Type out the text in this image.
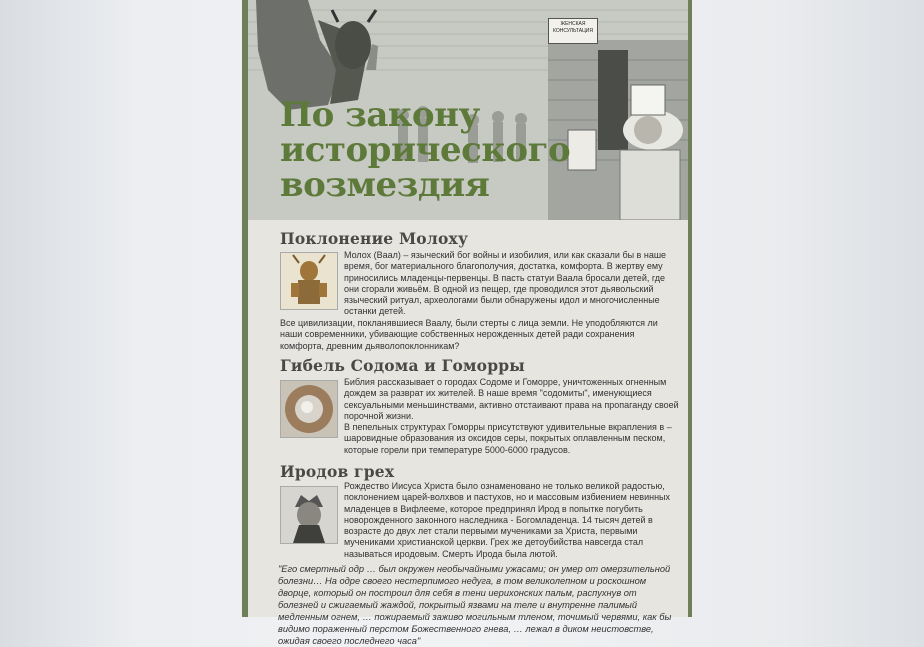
ЖЕНСКАЯ КОНСУЛЬТАЦИЯ
По закону исторического возмездия
Поклонение Молоху

Молох (Ваал) – языческий бог войны и изобилия, или как сказали бы в наше время, бог материального благополучия, достатка, комфорта. В жертву ему приносились младенцы-первенцы. В пасть статуи Ваала бросали детей, где они сгорали живьём. В одной из пещер, где проводился этот дьявольский языческий ритуал, археологами были обнаружены идол и многочисленные останки детей.

Все цивилизации, покланявшиеся Ваалу, были стерты с лица земли. Не уподобляются ли наши современники, убивающие собственных нерожденных детей ради сохранения комфорта, древним дьяволопоклонникам?

Гибель Содома и Гоморры

Библия рассказывает о городах Содоме и Гоморре, уничтоженных огненным дождем за разврат их жителей. В наше время "содомиты", именующиеся сексуальными меньшинствами, активно отстаивают права на пропаганду своей порочной жизни.

В пепельных структурах Гоморры присутствуют удивительные вкрапления в –шаровидные образования из оксидов серы, покрытых оплавленным песком, которые горели при температуре 5000-6000 градусов.

Иродов грех

Рождество Иисуса Христа было ознаменовано не только великой радостью, поклонением царей-волхвов и пастухов, но и массовым избиением невинных младенцев в Вифлееме, которое предпринял Ирод в попытке погубить новорожденного законного наследника - Богомладенца. 14 тысяч детей в возрасте до двух лет стали первыми мучениками за Христа, первыми мучениками христианской церкви. Грех же детоубийства навсегда стал называться иродовым. Смерть Ирода была лютой.

"Его смертный одр … был окружен необычайными ужасами; он умер от омерзительной болезни… На одре своего нестерпимого недуга, в том великолепном и роскошном дворце, который он построил для себя в тени иерихонских пальм, распухнув от болезней и сжигаемый жаждой, покрытый язвами на теле и внутренне палимый медленным огнем, … пожираемый заживо могильным тленом, точимый червями, как бы видимо пораженный перстом Божественного гнева, … лежал в диком неистовстве, ожидая своего последнего часа"
